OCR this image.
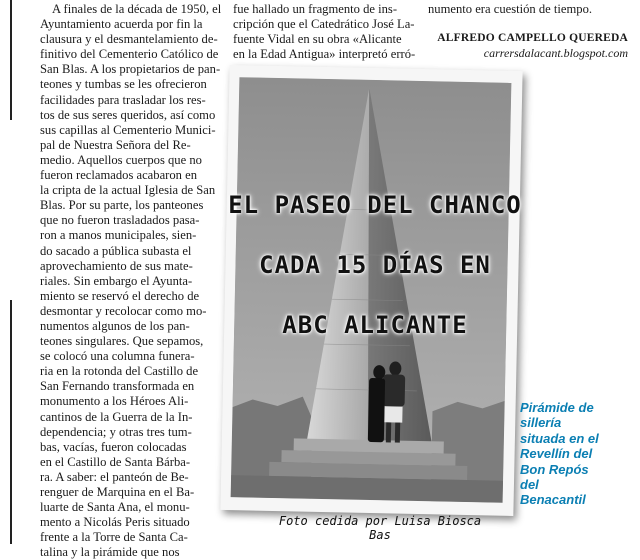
A finales de la década de 1950, el
Ayuntamiento acuerda por fin la
clausura y el desmantelamiento de-
finitivo del Cementerio Católico de
San Blas. A los propietarios de pan-
teones y tumbas se les ofrecieron
facilidades para trasladar los res-
tos de sus seres queridos, así como
sus capillas al Cementerio Munici-
pal de Nuestra Señora del Re-
medio. Aquellos cuerpos que no
fueron reclamados acabaron en
la cripta de la actual Iglesia de San
Blas. Por su parte, los panteones
que no fueron trasladados pasa-
ron a manos municipales, sien-
do sacado a pública subasta el
aprovechamiento de sus mate-
riales. Sin embargo el Ayunta-
miento se reservó el derecho de
desmontar y recolocar como mo-
numentos algunos de los pan-
teones singulares. Que sepamos,
se colocó una columna funera-
ria en la rotonda del Castillo de
San Fernando transformada en
monumento a los Héroes Ali-
cantinos de la Guerra de la In-
dependencia; y otras tres tum-
bas, vacías, fueron colocadas
en el Castillo de Santa Bárba-
ra. A saber: el panteón de Be-
renguer de Marquina en el Ba-
luarte de Santa Ana, el monu-
mento a Nicolás Peris situado
frente a la Torre de Santa Ca-
talina y la pirámide que nos
fue hallado un fragmento de ins-
cripción que el Catedrático José La-
fuente Vidal en su obra «Alicante
en la Edad Antigua» interpretó erró-
numento era cuestión de tiempo.
ALFREDO CAMPELLO QUEREDA
carrersdalacant.blogspot.com
EL PASEO DEL CHANCO
CADA 15 DÍAS EN
ABC ALICANTE
Pirámide de
sillería
situada en el
Revellín del
Bon Repós
del
Benacantil
Foto cedida por Luisa Biosca Bas
